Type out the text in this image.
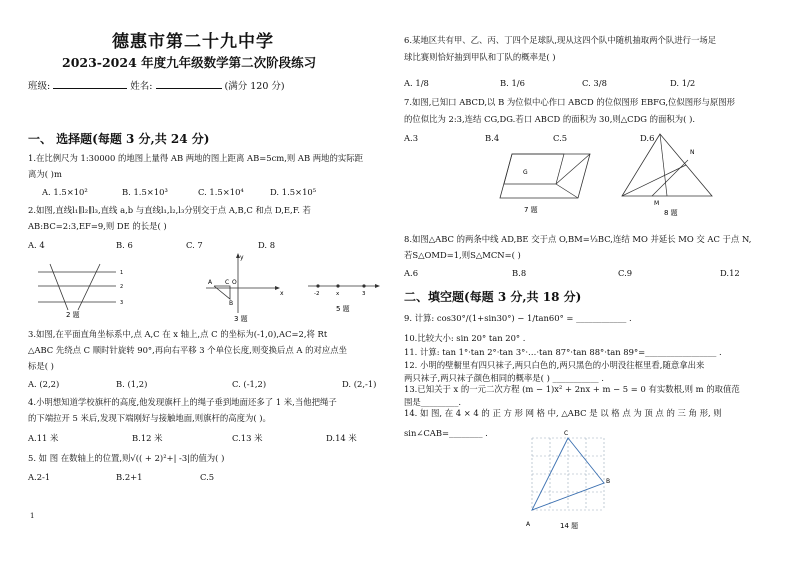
德惠市第二十九中学
2023-2024 年度九年级数学第二次阶段练习
班级:	姓名:	(满分 120 分)
一、 选择题(每题 3 分,共 24 分)
1.在比例尺为 1:30000 的地图上量得 AB 两地的图上距离 AB=5cm,则 AB 两地的实际距
离为( )m
A. 1.5×10²	B. 1.5×10³	C. 1.5×10⁴	D. 1.5×10⁵
2.如图,直线l₁∥l₂∥l₃,直线 a,b 与直线l₁,l₂,l₃分别交于点 A,B,C 和点 D,E,F. 若
AB:BC=2:3,EF=9,则 DE 的长是( )
A. 4	B. 6	C. 7	D. 8
1
2
3
2 题
y
x
A C O
B
3 题
-2	x	3
5 题
3.如图,在平面直角坐标系中,点 A,C 在 x 轴上,点 C 的坐标为(-1,0),AC=2,将 Rt
△ABC 先绕点 C 顺时针旋转 90°,再向右平移 3 个单位长度,则变换后点 A 的对应点坐
标是( )
A. (2,2)	B. (1,2)	C. (-1,2)	D. (2,-1)
4.小明想知道学校旗杆的高度,他发现旗杆上的绳子垂到地面还多了 1 米,当他把绳子
的下端拉开 5 米后,发现下端刚好与接触地面,则旗杆的高度为( )。
A.11 米	B.12 米	C.13 米	D.14 米
5. 如 图 在数轴上的位置,则√(( + 2)²+| -3|的值为( )
A.2-1	B.2+1	C.5
1
6.某地区共有甲、乙、丙、丁四个足球队,现从这四个队中随机抽取两个队进行一场足
球比赛则恰好抽到甲队和丁队的概率是( )
A. 1/8	B. 1/6	C. 3/8	D. 1/2
7.如图,已知口 ABCD,以 B 为位似中心作口 ABCD 的位似图形 EBFG,位似图形与原图形
的位似比为 2:3,连结 CG,DG.若口 ABCD 的面积为 30,则△CDG 的面积为( ).
A.3	B.4	C.5	D.6
G
7 题
N
M
8 题
8.如图△ABC 的两条中线 AD,BE 交于点 O,BM=⅓BC,连结 MO 并延长 MO 交 AC 于点 N,
若S△OMD=1,则S△MCN=( )
A.6	B.8	C.9	D.12
二、填空题(每题 3 分,共 18 分)
9. 计算: cos30°/(1+sin30°) − 1/tan60° = ____________ .
10.比较大小: sin 20° tan 20° .
11. 计算: tan 1°·tan 2°·tan 3°·…·tan 87°·tan 88°·tan 89°=_________________ .
12. 小明的壁橱里有四只袜子,两只白色的,两只黑色的小明没往框里看,随意拿出来
两只袜子,两只袜子颜色相同的概率是( ) ___________ .
13.已知关于 x 的一元二次方程 (m − 1)x² + 2nx + m − 5 = 0 有实数根,则 m 的取值范
围是_________.
14. 如 图, 在 4 × 4 的 正 方 形 网 格 中, △ABC 是 以 格 点 为 顶 点 的 三 角 形, 则
sin∠CAB=________ .	C
B
A	14 题
